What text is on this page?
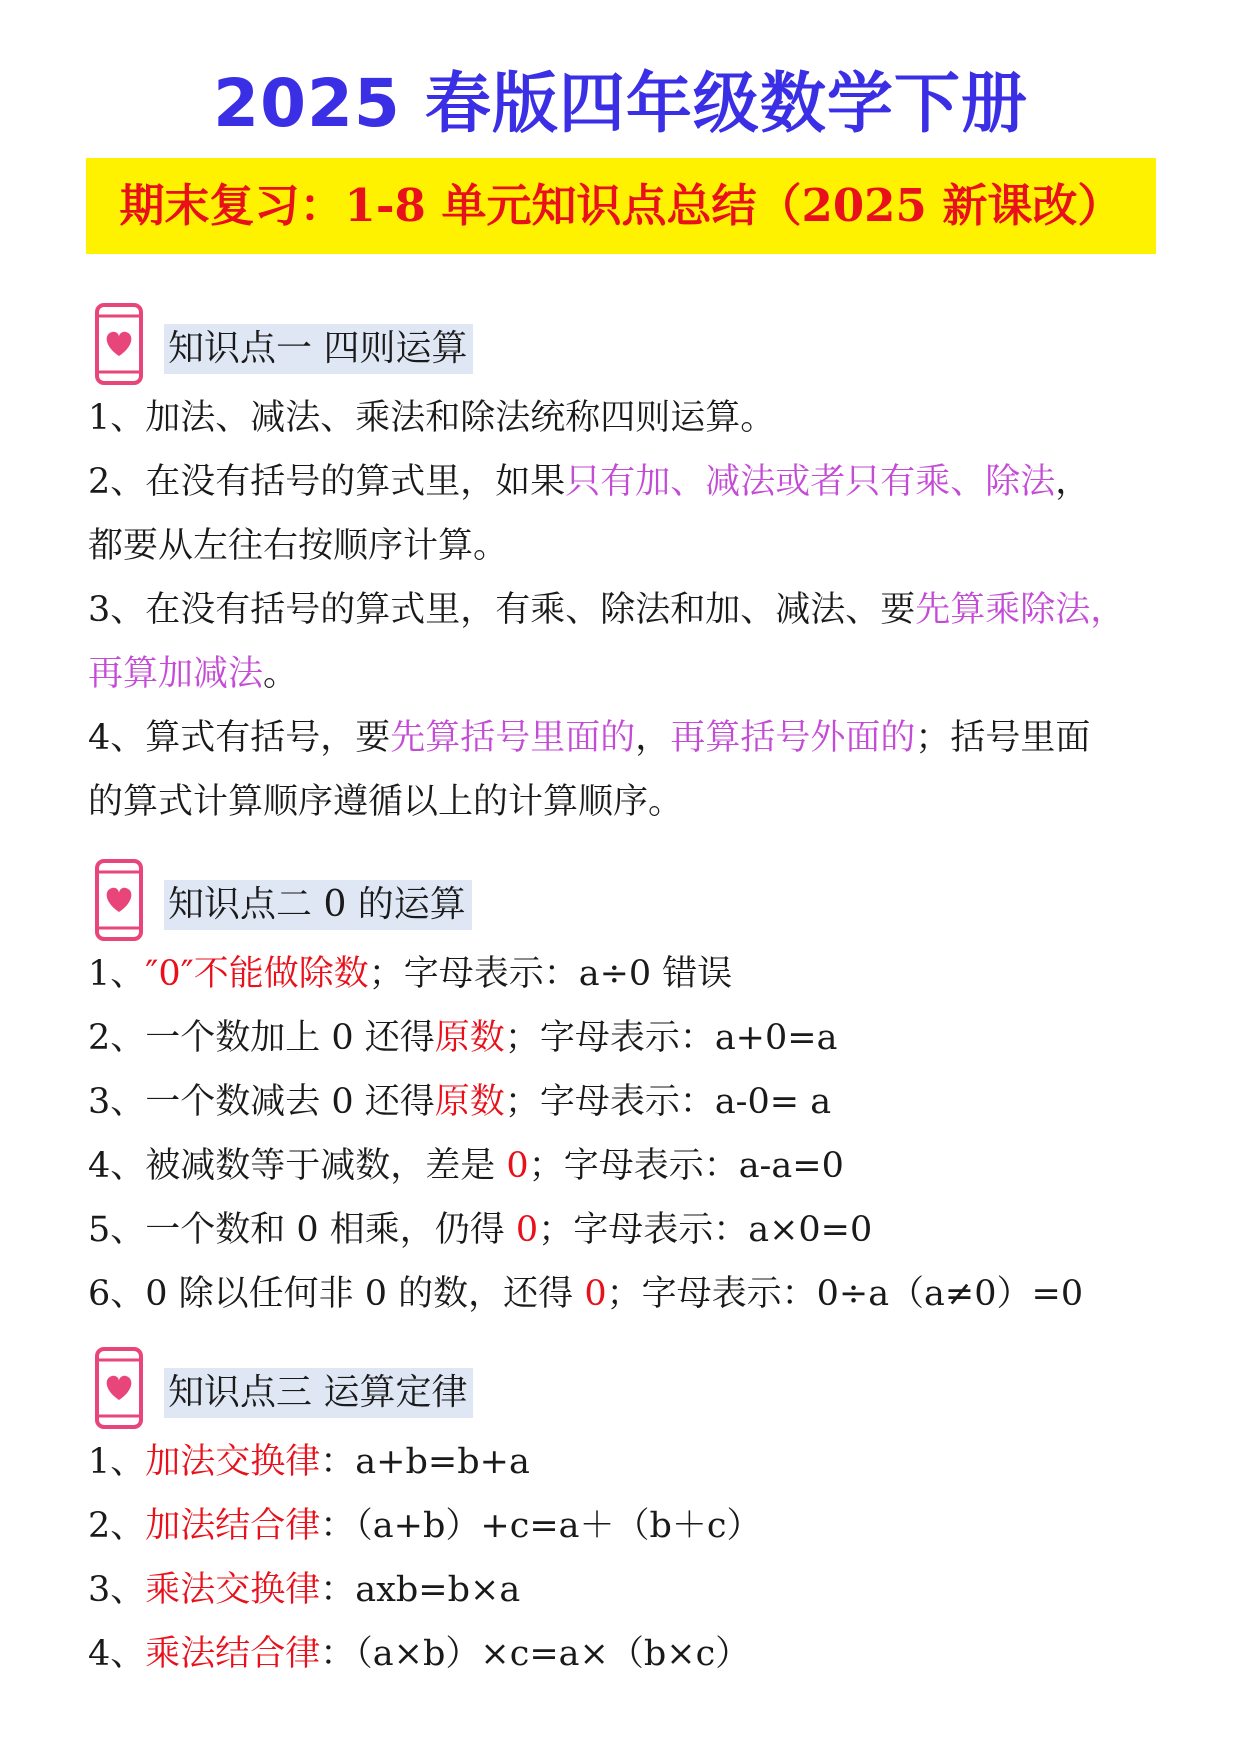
2025 春版四年级数学下册
期末复习：1-8 单元知识点总结（2025 新课改）
知识点一 四则运算
1、加法、减法、乘法和除法统称四则运算。
2、在没有括号的算式里，如果只有加、减法或者只有乘、除法，
都要从左往右按顺序计算。
3、在没有括号的算式里，有乘、除法和加、减法、要先算乘除法，
再算加减法。
4、算式有括号，要先算括号里面的，再算括号外面的；括号里面
的算式计算顺序遵循以上的计算顺序。
知识点二 0 的运算
1、″0″不能做除数；字母表示：a÷0 错误
2、一个数加上 0 还得原数；字母表示：a+0=a
3、一个数减去 0 还得原数；字母表示：a-0= a
4、被减数等于减数，差是 0；字母表示：a-a=0
5、一个数和 0 相乘，仍得 0；字母表示：a×0=0
6、0 除以任何非 0 的数，还得 0；字母表示：0÷a（a≠0）=0
知识点三 运算定律
1、加法交换律：a+b=b+a
2、加法结合律：（a+b）+c=a＋（b＋c）
3、乘法交换律：axb=b×a
4、乘法结合律：（a×b）×c=a×（b×c）
